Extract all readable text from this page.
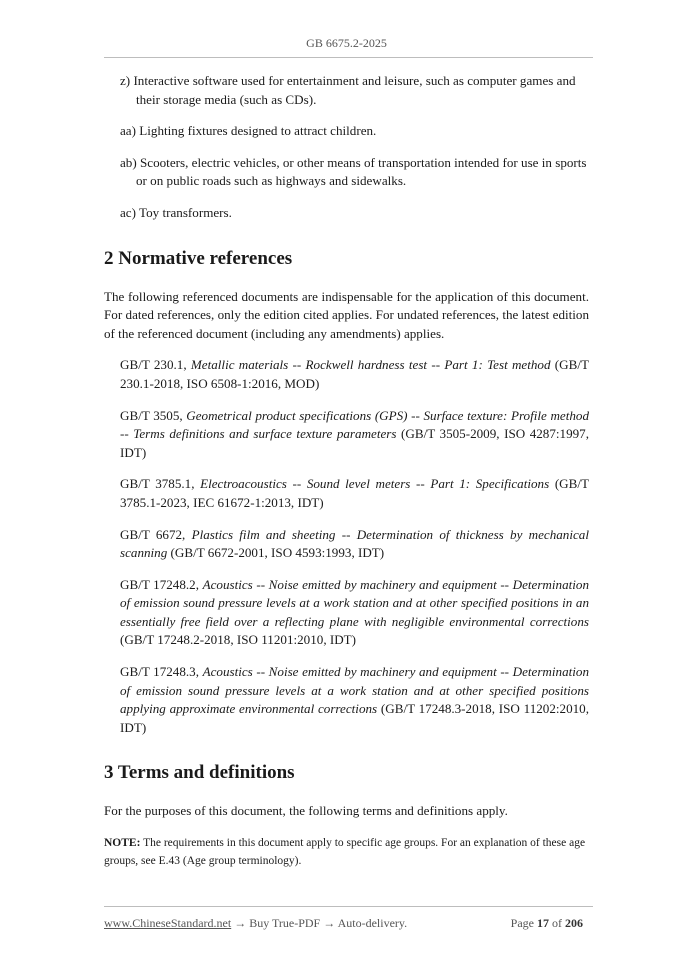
GB 6675.2-2025
z) Interactive software used for entertainment and leisure, such as computer games and their storage media (such as CDs).
aa) Lighting fixtures designed to attract children.
ab) Scooters, electric vehicles, or other means of transportation intended for use in sports or on public roads such as highways and sidewalks.
ac) Toy transformers.
2 Normative references

The following referenced documents are indispensable for the application of this document. For dated references, only the edition cited applies. For undated references, the latest edition of the referenced document (including any amendments) applies.

GB/T 230.1, Metallic materials -- Rockwell hardness test -- Part 1: Test method (GB/T 230.1-2018, ISO 6508-1:2016, MOD)
GB/T 3505, Geometrical product specifications (GPS) -- Surface texture: Profile method -- Terms definitions and surface texture parameters (GB/T 3505-2009, ISO 4287:1997, IDT)
GB/T 3785.1, Electroacoustics -- Sound level meters -- Part 1: Specifications (GB/T 3785.1-2023, IEC 61672-1:2013, IDT)
GB/T 6672, Plastics film and sheeting -- Determination of thickness by mechanical scanning (GB/T 6672-2001, ISO 4593:1993, IDT)
GB/T 17248.2, Acoustics -- Noise emitted by machinery and equipment -- Determination of emission sound pressure levels at a work station and at other specified positions in an essentially free field over a reflecting plane with negligible environmental corrections (GB/T 17248.2-2018, ISO 11201:2010, IDT)
GB/T 17248.3, Acoustics -- Noise emitted by machinery and equipment -- Determination of emission sound pressure levels at a work station and at other specified positions applying approximate environmental corrections (GB/T 17248.3-2018, ISO 11202:2010, IDT)
3 Terms and definitions

For the purposes of this document, the following terms and definitions apply.

NOTE: The requirements in this document apply to specific age groups. For an explanation of these age groups, see E.43 (Age group terminology).
www.ChineseStandard.net → Buy True-PDF → Auto-delivery.	Page 17 of 206
